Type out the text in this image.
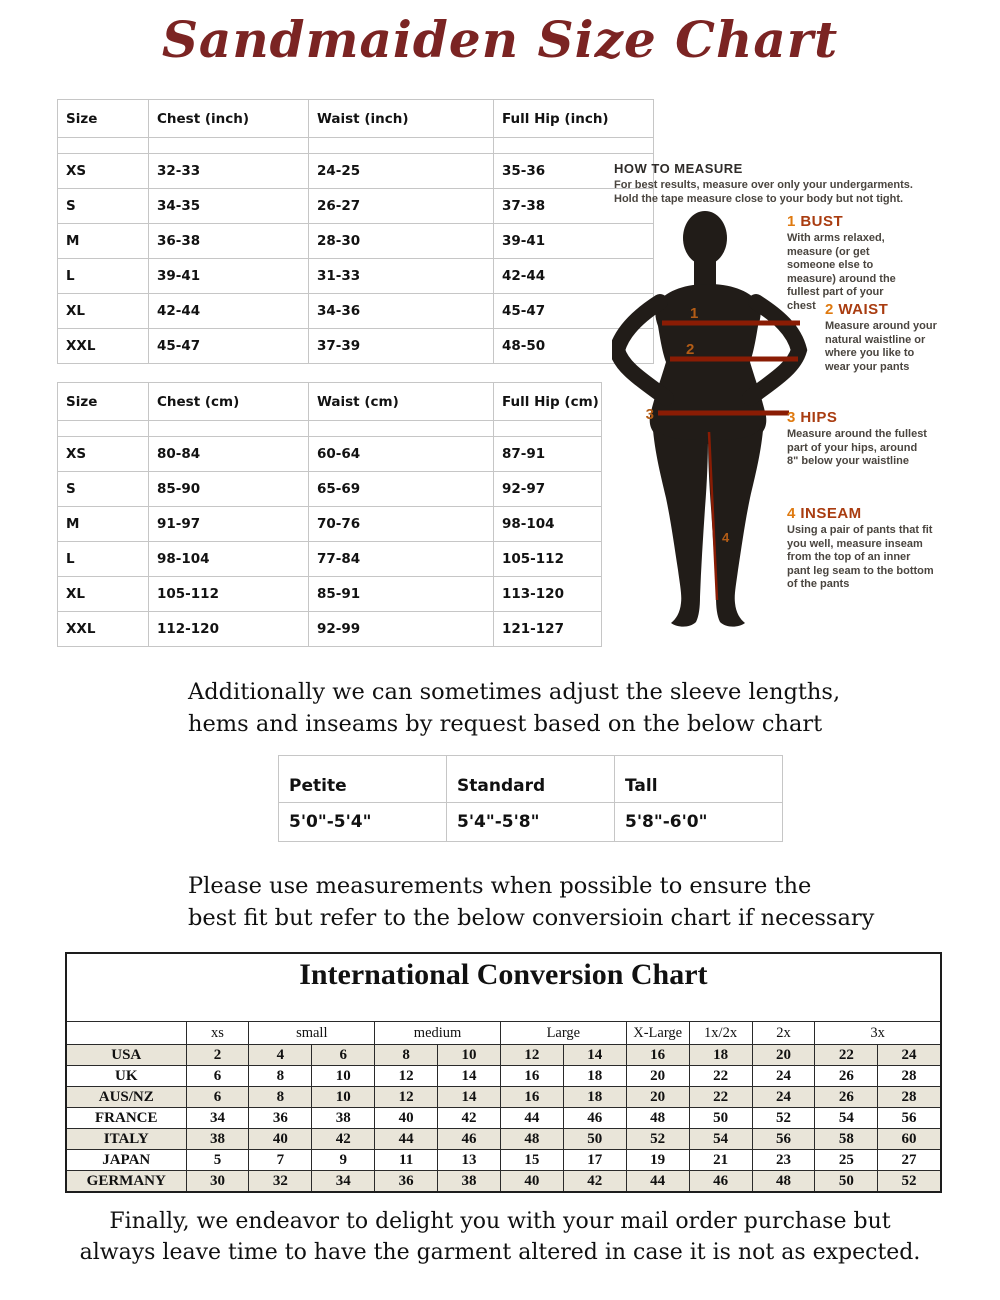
Sandmaiden Size Chart
Size	Chest (inch)	Waist (inch)	Full Hip (inch)

XS	32-33	24-25	35-36
S	34-35	26-27	37-38
M	36-38	28-30	39-41
L	39-41	31-33	42-44
XL	42-44	34-36	45-47
XXL	45-47	37-39	48-50
Size	Chest (cm)	Waist (cm)	Full Hip (cm)

XS	80-84	60-64	87-91
S	85-90	65-69	92-97
M	91-97	70-76	98-104
L	98-104	77-84	105-112
XL	105-112	85-91	113-120
XXL	112-120	92-99	121-127
HOW TO MEASURE
For best results, measure over only your undergarments.
Hold the tape measure close to your body but not tight.
1
2
3
4
1 BUST
With arms relaxed, measure (or get someone else to measure) around the fullest part of your chest 2 WAIST
Measure around your natural waistline or where you like to wear your pants
3 HIPS
Measure around the fullest part of your hips, around 8" below your waistline
4 INSEAM
Using a pair of pants that fit you well, measure inseam from the top of an inner pant leg seam to the bottom of the pants

Additionally we can sometimes adjust the sleeve lengths,
hems and inseams by request based on the below chart

Petite	Standard	Tall
5'0"-5'4"	5'4"-5'8"	5'8"-6'0"

Please use measurements when possible to ensure the
best fit but refer to the below conversioin chart if necessary

International Conversion Chart												
	xs	small		medium		Large		X-Large	1x/2x	2x	3x	
USA	2	4	6	8	10	12	14	16	18	20	22	24
UK	6	8	10	12	14	16	18	20	22	24	26	28
AUS/NZ	6	8	10	12	14	16	18	20	22	24	26	28
FRANCE	34	36	38	40	42	44	46	48	50	52	54	56
ITALY	38	40	42	44	46	48	50	52	54	56	58	60
JAPAN	5	7	9	11	13	15	17	19	21	23	25	27
GERMANY	30	32	34	36	38	40	42	44	46	48	50	52

Finally, we endeavor to delight you with your mail order purchase but
always leave time to have the garment altered in case it is not as expected.
